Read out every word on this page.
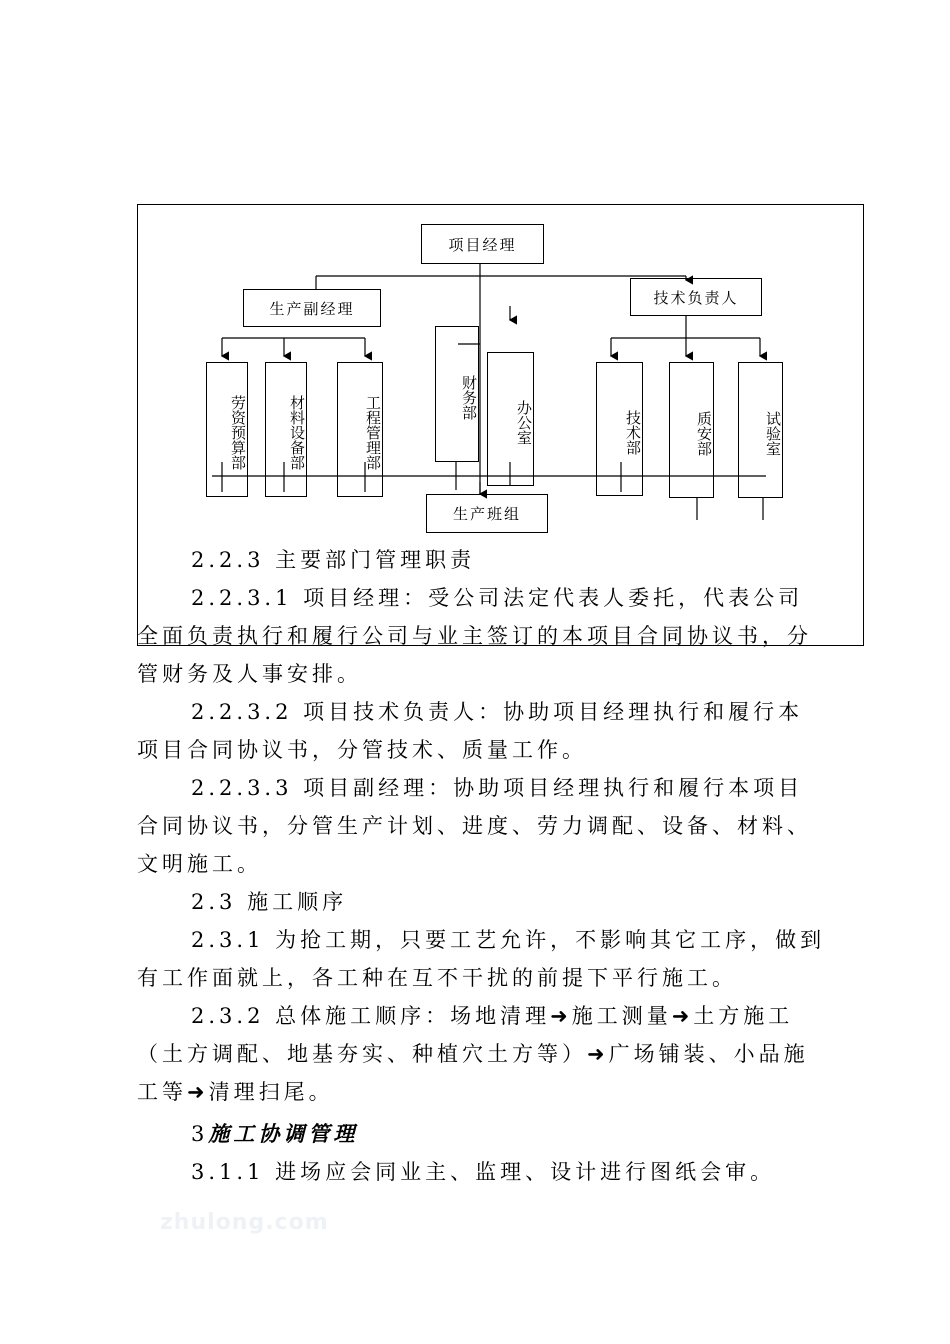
项目经理
生产副经理
技术负责人
劳资预算部	材料设备部	工程管理部	财务部
办公室	技术部	质安部	试验室
生产班组
2.2.3 主要部门管理职责
2.2.3.1 项目经理：受公司法定代表人委托，代表公司
全面负责执行和履行公司与业主签订的本项目合同协议书，分
管财务及人事安排。
2.2.3.2 项目技术负责人：协助项目经理执行和履行本
项目合同协议书，分管技术、质量工作。
2.2.3.3 项目副经理：协助项目经理执行和履行本项目
合同协议书，分管生产计划、进度、劳力调配、设备、材料、
文明施工。
2.3 施工顺序
2.3.1 为抢工期，只要工艺允许，不影响其它工序，做到
有工作面就上，各工种在互不干扰的前提下平行施工。
2.3.2 总体施工顺序：场地清理➜施工测量➜土方施工
（土方调配、地基夯实、种植穴土方等）➜广场铺装、小品施
工等➜清理扫尾。
3施工协调管理
3.1.1 进场应会同业主、监理、设计进行图纸会审。
zhulong.com
